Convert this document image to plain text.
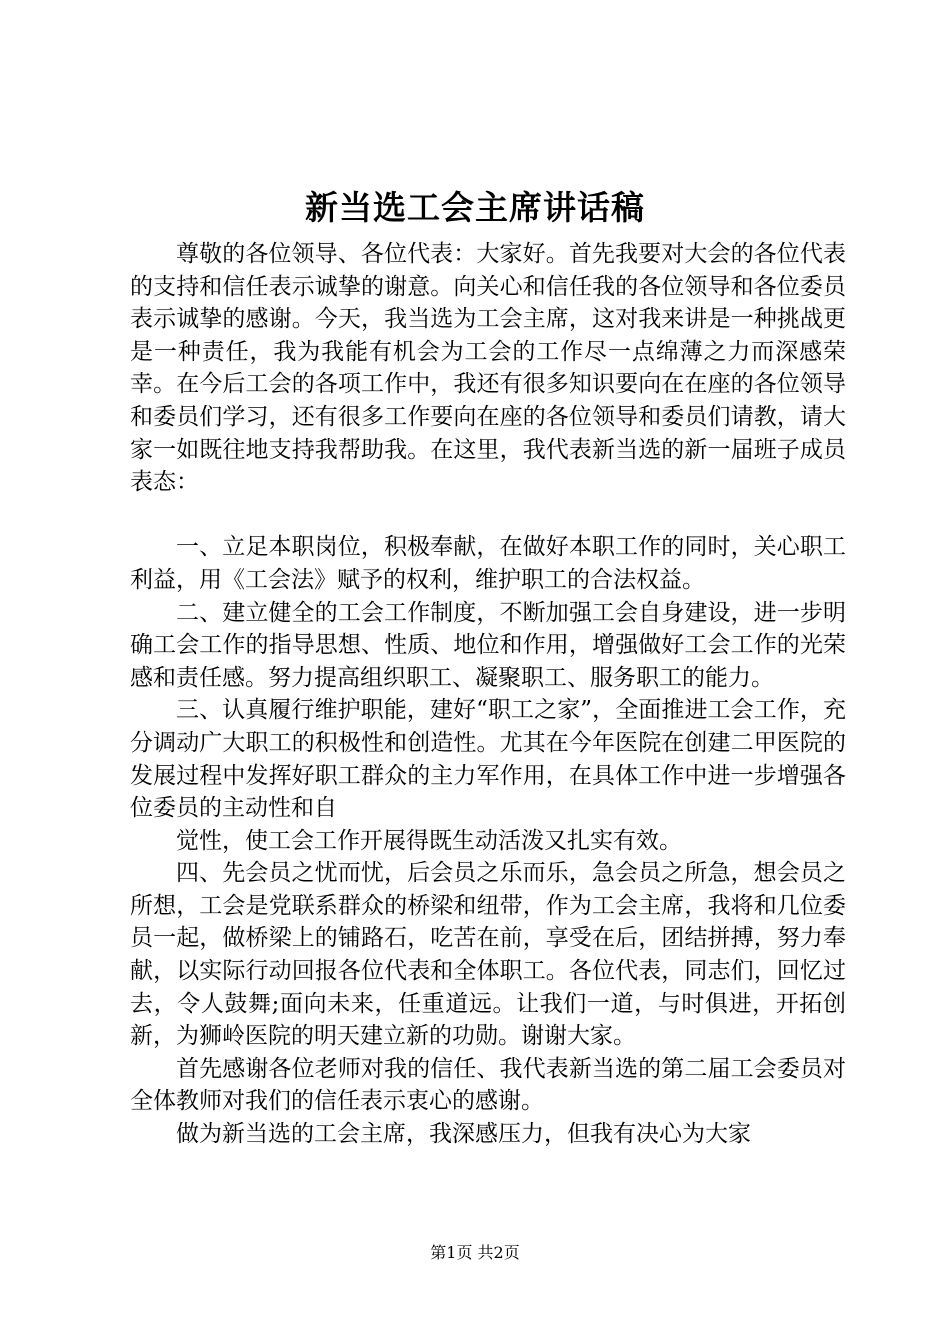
新当选工会主席讲话稿

尊敬的各位领导、各位代表：大家好。首先我要对大会的各位代表的支持和信任表示诚挚的谢意。向关心和信任我的各位领导和各位委员表示诚挚的感谢。今天，我当选为工会主席，这对我来讲是一种挑战更是一种责任，我为我能有机会为工会的工作尽一点绵薄之力而深感荣幸。在今后工会的各项工作中，我还有很多知识要向在在座的各位领导和委员们学习，还有很多工作要向在座的各位领导和委员们请教，请大家一如既往地支持我帮助我。在这里，我代表新当选的新一届班子成员表态：

一、立足本职岗位，积极奉献，在做好本职工作的同时，关心职工利益，用《工会法》赋予的权利，维护职工的合法权益。

二、建立健全的工会工作制度，不断加强工会自身建设，进一步明确工会工作的指导思想、性质、地位和作用，增强做好工会工作的光荣感和责任感。努力提高组织职工、凝聚职工、服务职工的能力。

三、认真履行维护职能，建好“职工之家”，全面推进工会工作，充分调动广大职工的积极性和创造性。尤其在今年医院在创建二甲医院的发展过程中发挥好职工群众的主力军作用，在具体工作中进一步增强各位委员的主动性和自

觉性，使工会工作开展得既生动活泼又扎实有效。

四、先会员之忧而忧，后会员之乐而乐，急会员之所急，想会员之所想，工会是党联系群众的桥梁和纽带，作为工会主席，我将和几位委员一起，做桥梁上的铺路石，吃苦在前，享受在后，团结拼搏，努力奉献，以实际行动回报各位代表和全体职工。各位代表，同志们，回忆过去，令人鼓舞;面向未来，任重道远。让我们一道，与时俱进，开拓创新，为狮岭医院的明天建立新的功勋。谢谢大家。

首先感谢各位老师对我的信任、我代表新当选的第二届工会委员对全体教师对我们的信任表示衷心的感谢。

做为新当选的工会主席，我深感压力，但我有决心为大家

第1页 共2页
